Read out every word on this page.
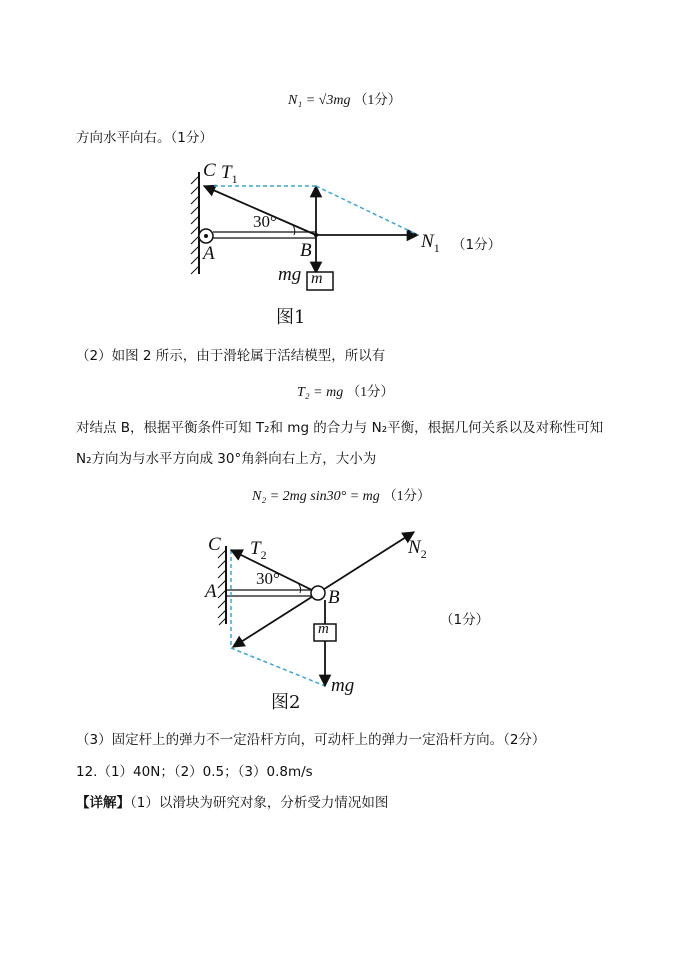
N₁ = √3mg （1分）
方向水平向右。（1分）
C $T_1$
30°
A	B	$N_1$ （1分）
mg m
图1
（2）如图 2 所示，由于滑轮属于活结模型，所以有
T₂ = mg （1分）
对结点 B，根据平衡条件可知 T₂和 mg 的合力与 N₂平衡，根据几何关系以及对称性可知
N₂方向为与水平方向成 30°角斜向右上方，大小为
N₂ = 2mg sin30° = mg （1分）
C $T_2$
30°
A	B
$N_2$
（1分）
m
mg
图2
（3）固定杆上的弹力不一定沿杆方向，可动杆上的弹力一定沿杆方向。（2分）
12.（1）40N；（2）0.5；（3）0.8m/s
【详解】（1）以滑块为研究对象，分析受力情况如图
